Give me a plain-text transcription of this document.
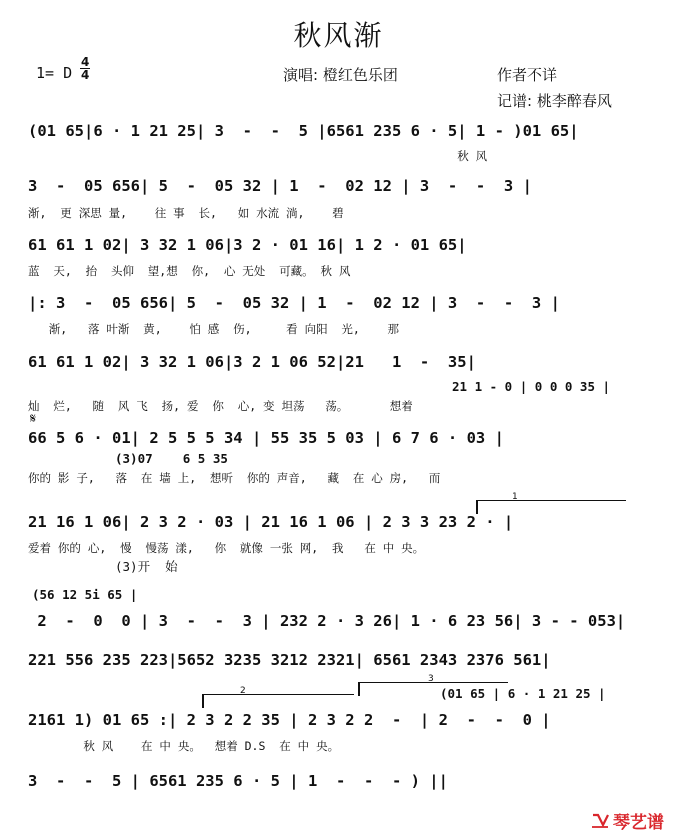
秋风渐
1= D $\frac{4}{4}$	演唱: 橙红色乐团	作者不详
记谱: 桃李醉春风
(01 65|6 · 1 21 25| 3  -  -  5 |6561 235 6 · 5| 1 - )01 65|
秋 风
3  -  05 656| 5  -  05 32 | 1  -  02 12 | 3  -  -  3 |
渐,  更 深思 量,    往 事  长,   如 水流 淌,    碧
61 61 1 02| 3 32 1 06|3 2 · 01 16| 1 2 · 01 65|
蓝  天,  抬  头仰  望,想  你,  心 无处  可藏。 秋 风
|: 3  -  05 656| 5  -  05 32 | 1  -  02 12 | 3  -  -  3 |
渐,   落 叶渐  黄,    怕 感  伤,     看 向阳  光,    那
61 61 1 02| 3 32 1 06|3 2 1 06 52|21   1  -  35|
21 1 - 0 | 0 0 0 35 |
灿  烂,   随  风 飞  扬, 爱  你  心, 变 坦荡   荡。      想着
𝄋
66 5 6 · 01| 2 5 5 5 34 | 55 35 5 03 | 6 7 6 · 03 |
(3)07    6 5 35
你的 影 子,   落  在 墙 上,  想听  你的 声音,   藏  在 心 房,   而
1
21 16 1 06| 2 3 2 · 03 | 21 16 1 06 | 2 3 3 23 2 · |
爱着 你的 心,  慢  慢荡 漾,   你  就像 一张 网,  我   在 中 央。
(3)开  始
(56 12 5i 65 |
2  -  0  0 | 3  -  -  3 | 232 2 · 3 26| 1 · 6 23 56| 3 - - 053|
221 556 235 223|5652 3235 3212 2321| 6561 2343 2376 561|
2
3
(01 65 | 6 · 1 21 25 |
2161 1) 01 65 :| 2 3 2 2 35 | 2 3 2 2  -  | 2  -  -  0 |
秋 风    在 中 央。  想着 D.S  在 中 央。
3  -  -  5 | 6561 235 6 · 5 | 1  -  -  - ) ||
琴艺谱
